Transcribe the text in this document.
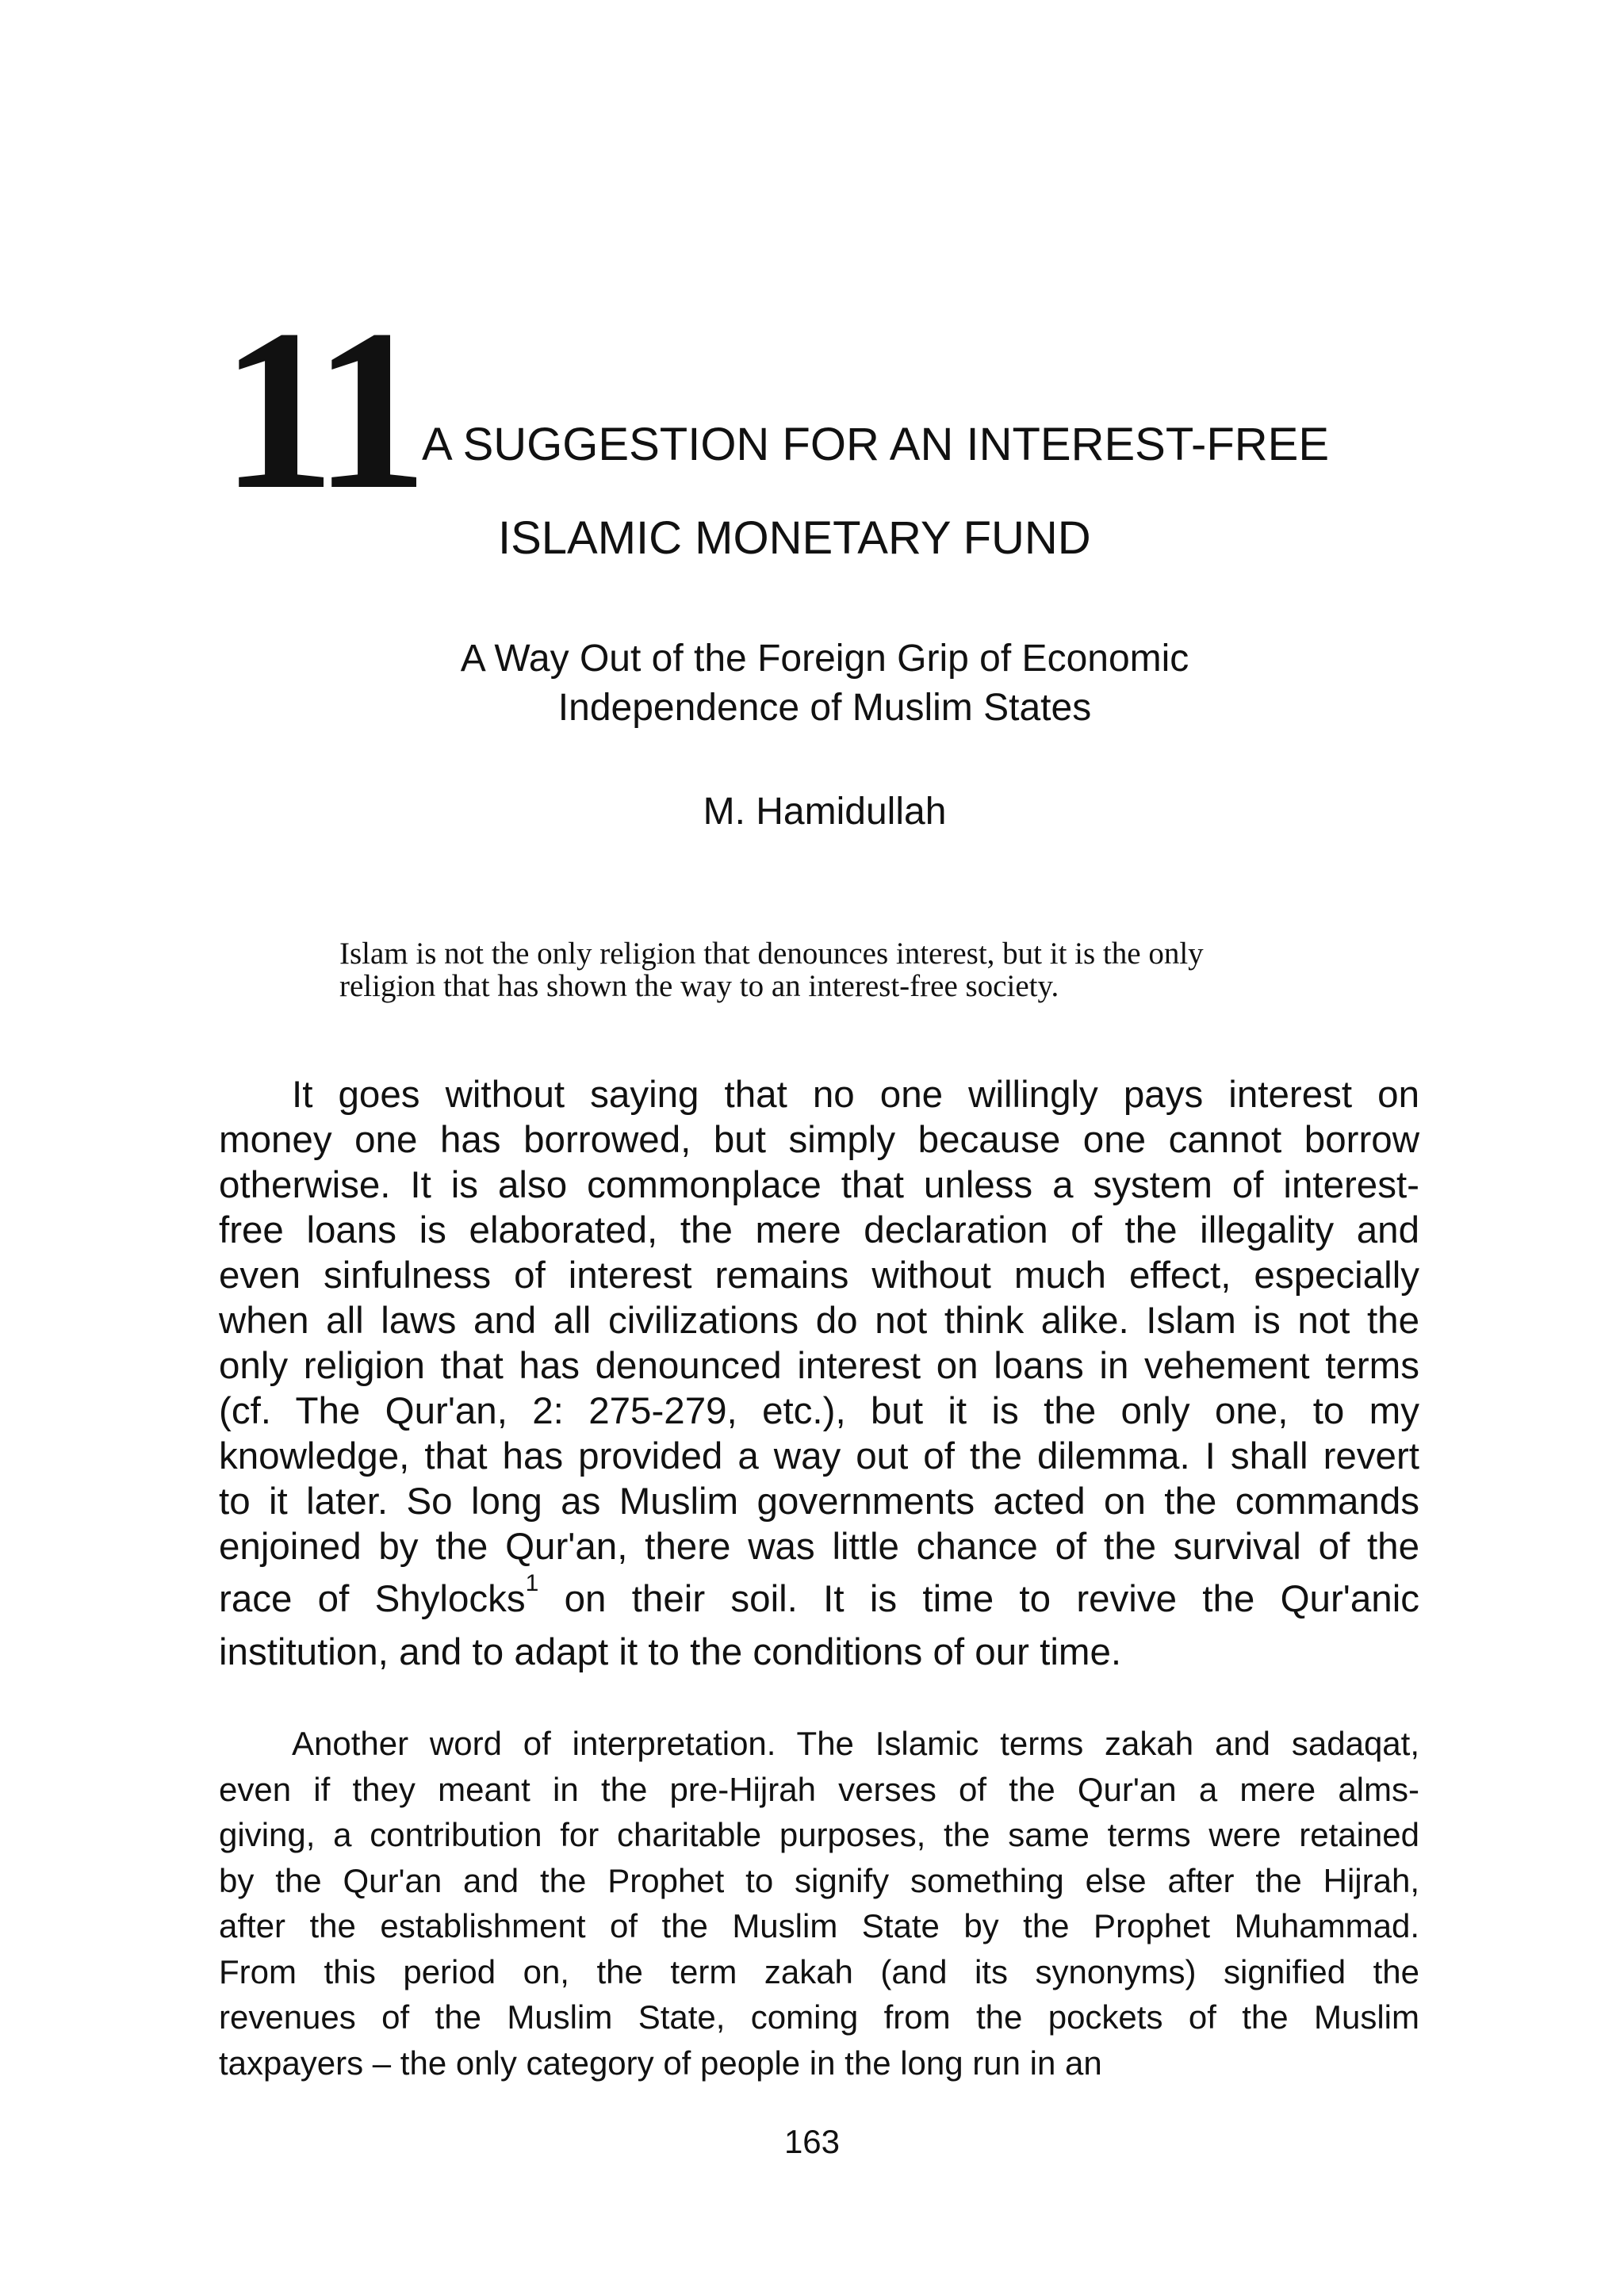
11 A SUGGESTION FOR AN INTEREST-FREE
ISLAMIC MONETARY FUND
A Way Out of the Foreign Grip of Economic
Independence of Muslim States
M. Hamidullah
Islam is not the only religion that denounces interest, but it is the only
religion that has shown the way to an interest-free society.
It goes without saying that no one willingly pays interest on
money one has borrowed, but simply because one cannot borrow
otherwise. It is also commonplace that unless a system of interest-
free loans is elaborated, the mere declaration of the illegality and
even sinfulness of interest remains without much effect, especially
when all laws and all civilizations do not think alike. Islam is not the
only religion that has denounced interest on loans in vehement terms
(cf. The Qur'an, 2: 275-279, etc.), but it is the only one, to my
knowledge, that has provided a way out of the dilemma. I shall revert
to it later. So long as Muslim governments acted on the commands
enjoined by the Qur'an, there was little chance of the survival of the
race of Shylocks$^1$ on their soil. It is time to revive the Qur'anic
institution, and to adapt it to the conditions of our time.
Another word of interpretation. The Islamic terms zakah and sadaqat,
even if they meant in the pre-Hijrah verses of the Qur'an a mere alms-
giving, a contribution for charitable purposes, the same terms were retained
by the Qur'an and the Prophet to signify something else after the Hijrah,
after the establishment of the Muslim State by the Prophet Muhammad.
From this period on, the term zakah (and its synonyms) signified the
revenues of the Muslim State, coming from the pockets of the Muslim
taxpayers – the only category of people in the long run in an
163
